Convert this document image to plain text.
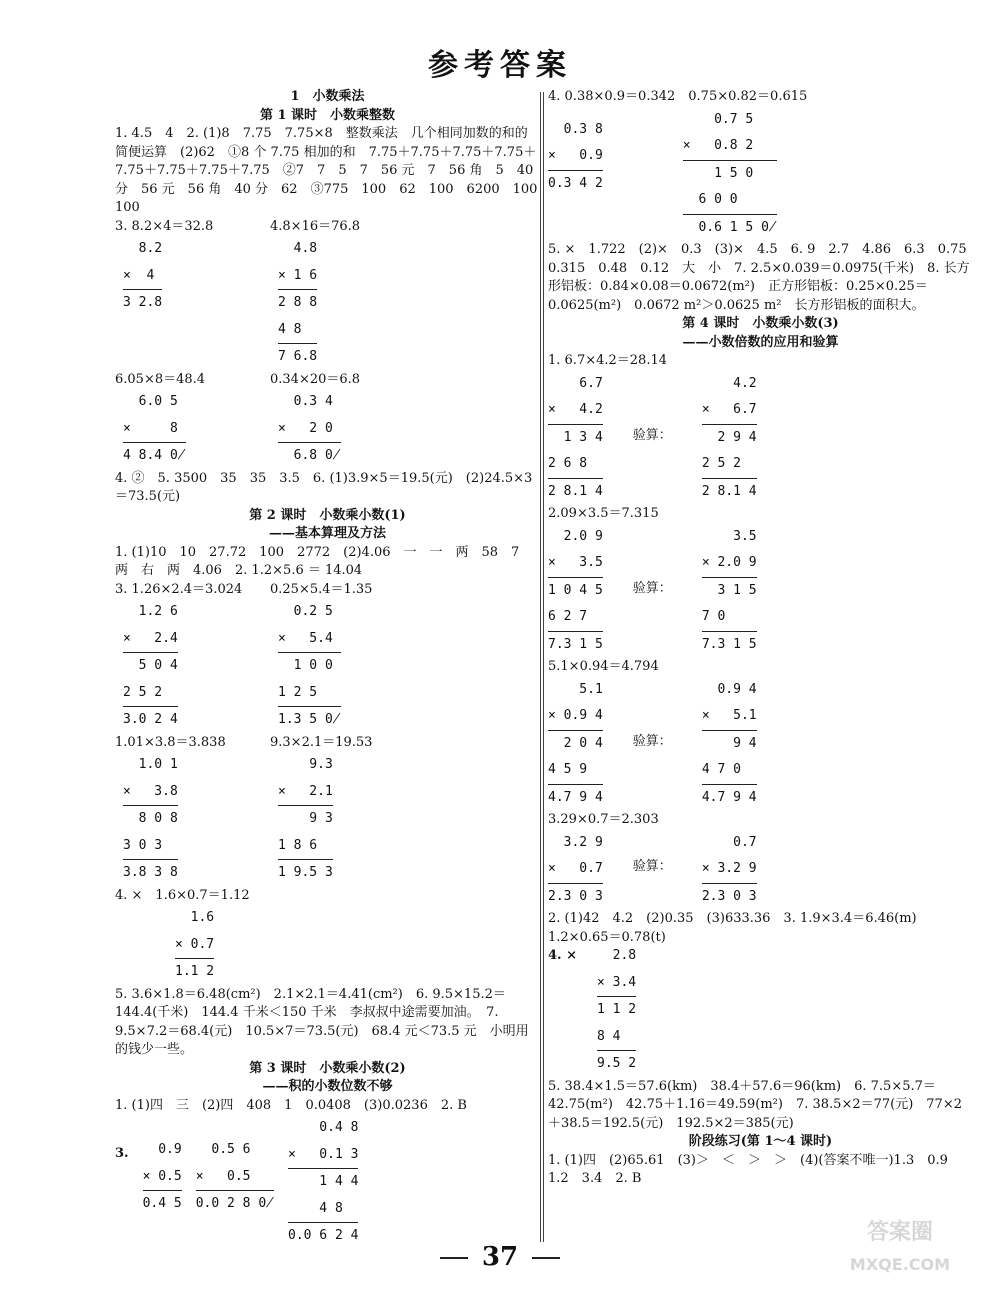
参考答案

1　小数乘法

第 1 课时　小数乘整数

1. 4.5　4　2. (1)8　7.75　7.75×8　整数乘法　几个相同加数的和的简便运算　(2)62　①8 个 7.75 相加的和　7.75＋7.75＋7.75＋7.75＋7.75＋7.75＋7.75＋7.75　②7　7　5　7　56 元　7　56 角　5　40 分　56 元　56 角　40 分　62　③775　100　62　100　6200　100　100

3. 8.2×4＝32.8

8.2
×  4
3 2.8

4.8×16＝76.8

4.8
× 1 6
2 8 8
4 8
7 6.8

6.05×8＝48.4

6.0 5
×     8
4 8.4 0̸

0.34×20＝6.8

0.3 4
×   2 0
6.8 0̸

4. ②　5. 3500　35　35　3.5　6. (1)3.9×5＝19.5(元)　(2)24.5×3＝73.5(元)

第 2 课时　小数乘小数(1)

——基本算理及方法

1. (1)10　10　27.72　100　2772　(2)4.06　一　一　两　58　7　两　右　两　4.06　2. 1.2×5.6 ＝ 14.04

3. 1.26×2.4＝3.024

1.2 6
×   2.4
5 0 4
2 5 2
3.0 2 4

0.25×5.4＝1.35

0.2 5
×   5.4
1 0 0
1 2 5
1.3 5 0̸

1.01×3.8＝3.838

1.0 1
×   3.8
8 0 8
3 0 3
3.8 3 8

9.3×2.1＝19.53

9.3
×   2.1
9 3
1 8 6
1 9.5 3

4. ×　1.6×0.7＝1.12

1.6
× 0.7
1.1 2

5. 3.6×1.8＝6.48(cm²)　2.1×2.1＝4.41(cm²)　6. 9.5×15.2＝144.4(千米)　144.4 千米＜150 千米　李叔叔中途需要加油。　7. 9.5×7.2＝68.4(元)　10.5×7＝73.5(元)　68.4 元＜73.5 元　小明用的钱少一些。

第 3 课时　小数乘小数(2)

——积的小数位数不够

1. (1)四　三　(2)四　408　1　0.0408　(3)0.0236　2. B

3. 0.9
× 0.5
0.4 5
0.5 6
×   0.5
0.0 2 8 0̸
0.4 8
×   0.1 3
1 4 4
4 8
0.0 6 2 4

4. 0.38×0.9＝0.342　0.75×0.82＝0.615

0.3 8
×   0.9
0.3 4 2
0.7 5
×   0.8 2
1 5 0
6 0 0
0.6 1 5 0̸

5. ×　1.722　(2)×　0.3　(3)×　4.5　6. 9　2.7　4.86　6.3　0.75　0.315　0.48　0.12　大　小　7. 2.5×0.039＝0.0975(千米)　8. 长方形铝板：0.84×0.08＝0.0672(m²)　正方形铝板：0.25×0.25＝0.0625(m²)　0.0672 m²＞0.0625 m²　长方形铝板的面积大。

第 4 课时　小数乘小数(3)

——小数倍数的应用和验算

1. 6.7×4.2＝28.14

6.7
×   4.2
1 3 4
2 6 8
2 8.1 4
验算：
4.2
×   6.7
2 9 4
2 5 2
2 8.1 4

2.09×3.5＝7.315

2.0 9
×   3.5
1 0 4 5
6 2 7
7.3 1 5
验算：
3.5
× 2.0 9
3 1 5
7 0
7.3 1 5

5.1×0.94＝4.794

5.1
× 0.9 4
2 0 4
4 5 9
4.7 9 4
验算：
0.9 4
×   5.1
9 4
4 7 0
4.7 9 4

3.29×0.7＝2.303

3.2 9
×   0.7
2.3 0 3
验算：
0.7
× 3.2 9
2.3 0 3

2. (1)42　4.2　(2)0.35　(3)633.36　3. 1.9×3.4＝6.46(m)　1.2×0.65＝0.78(t)

4. × 2.8
× 3.4
1 1 2
8 4
9.5 2

5. 38.4×1.5＝57.6(km)　38.4＋57.6＝96(km)　6. 7.5×5.7＝42.75(m²)　42.75＋1.16＝49.59(m²)　7. 38.5×2＝77(元)　77×2＋38.5＝192.5(元)　192.5×2＝385(元)

阶段练习(第 1～4 课时)

1. (1)四　(2)65.61　(3)＞　＜　＞　＞　(4)(答案不唯一)1.3　0.9　1.2　3.4　2. B

37
答案圈
MXQE.COM
